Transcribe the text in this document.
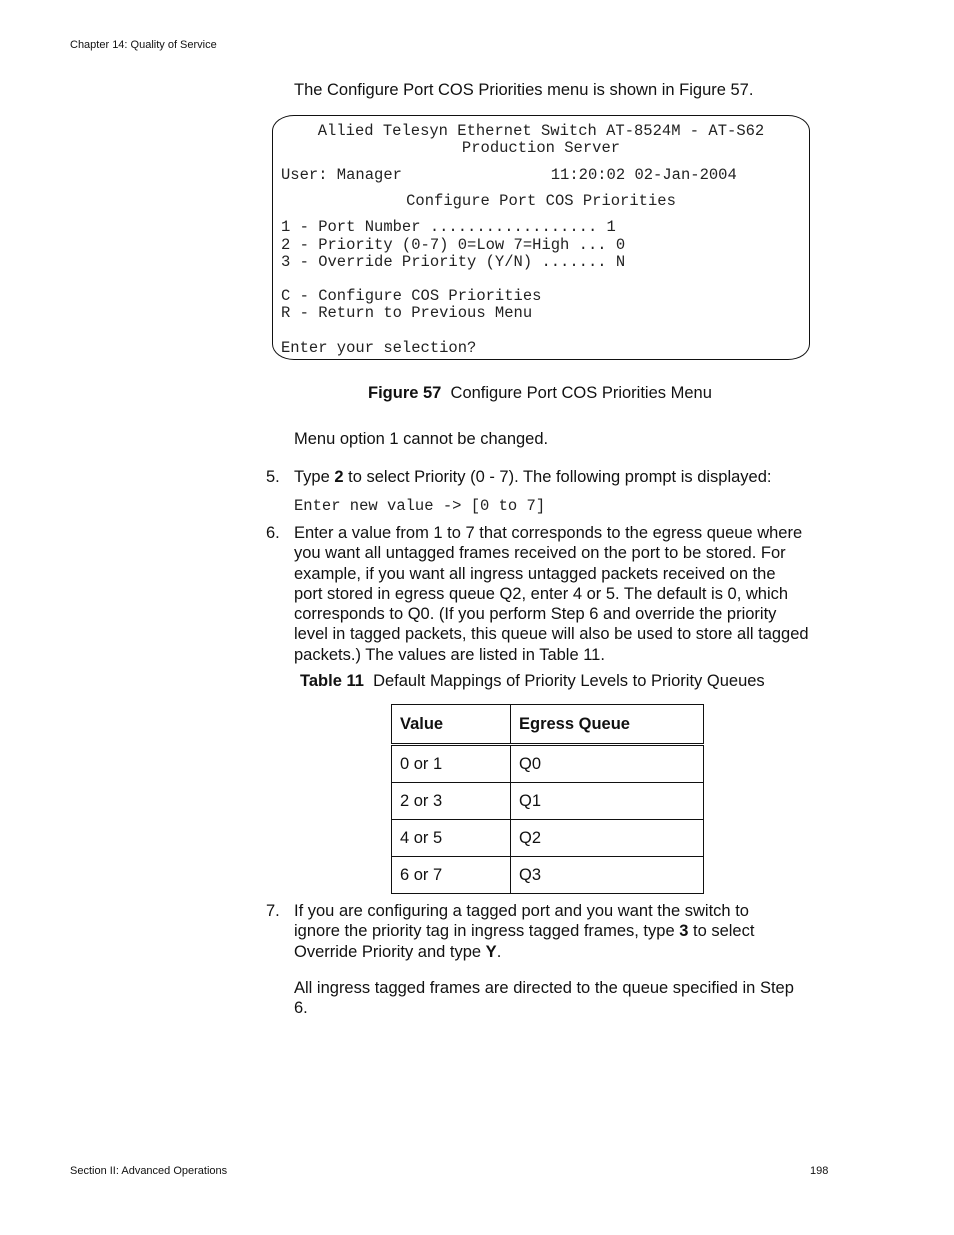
Chapter 14: Quality of Service
The Configure Port COS Priorities menu is shown in Figure 57.
Allied Telesyn Ethernet Switch AT-8524M - AT-S62
Production Server
User: Manager                11:20:02 02-Jan-2004
Configure Port COS Priorities
1 - Port Number .................. 1
2 - Priority (0-7) 0=Low 7=High ... 0
3 - Override Priority (Y/N) ....... N
C - Configure COS Priorities
R - Return to Previous Menu
Enter your selection?
Figure 57 Configure Port COS Priorities Menu
Menu option 1 cannot be changed.
5. Type 2 to select Priority (0 - 7). The following prompt is displayed:
Enter new value -> [0 to 7]
6. Enter a value from 1 to 7 that corresponds to the egress queue where
you want all untagged frames received on the port to be stored. For
example, if you want all ingress untagged packets received on the
port stored in egress queue Q2, enter 4 or 5. The default is 0, which
corresponds to Q0. (If you perform Step 6 and override the priority
level in tagged packets, this queue will also be used to store all tagged
packets.) The values are listed in Table 11.
Table 11 Default Mappings of Priority Levels to Priority Queues
Value	Egress Queue
0 or 1	Q0
2 or 3	Q1
4 or 5	Q2
6 or 7	Q3
7. If you are configuring a tagged port and you want the switch to
ignore the priority tag in ingress tagged frames, type 3 to select
Override Priority and type Y.
All ingress tagged frames are directed to the queue specified in Step
6.
Section II: Advanced Operations	198
